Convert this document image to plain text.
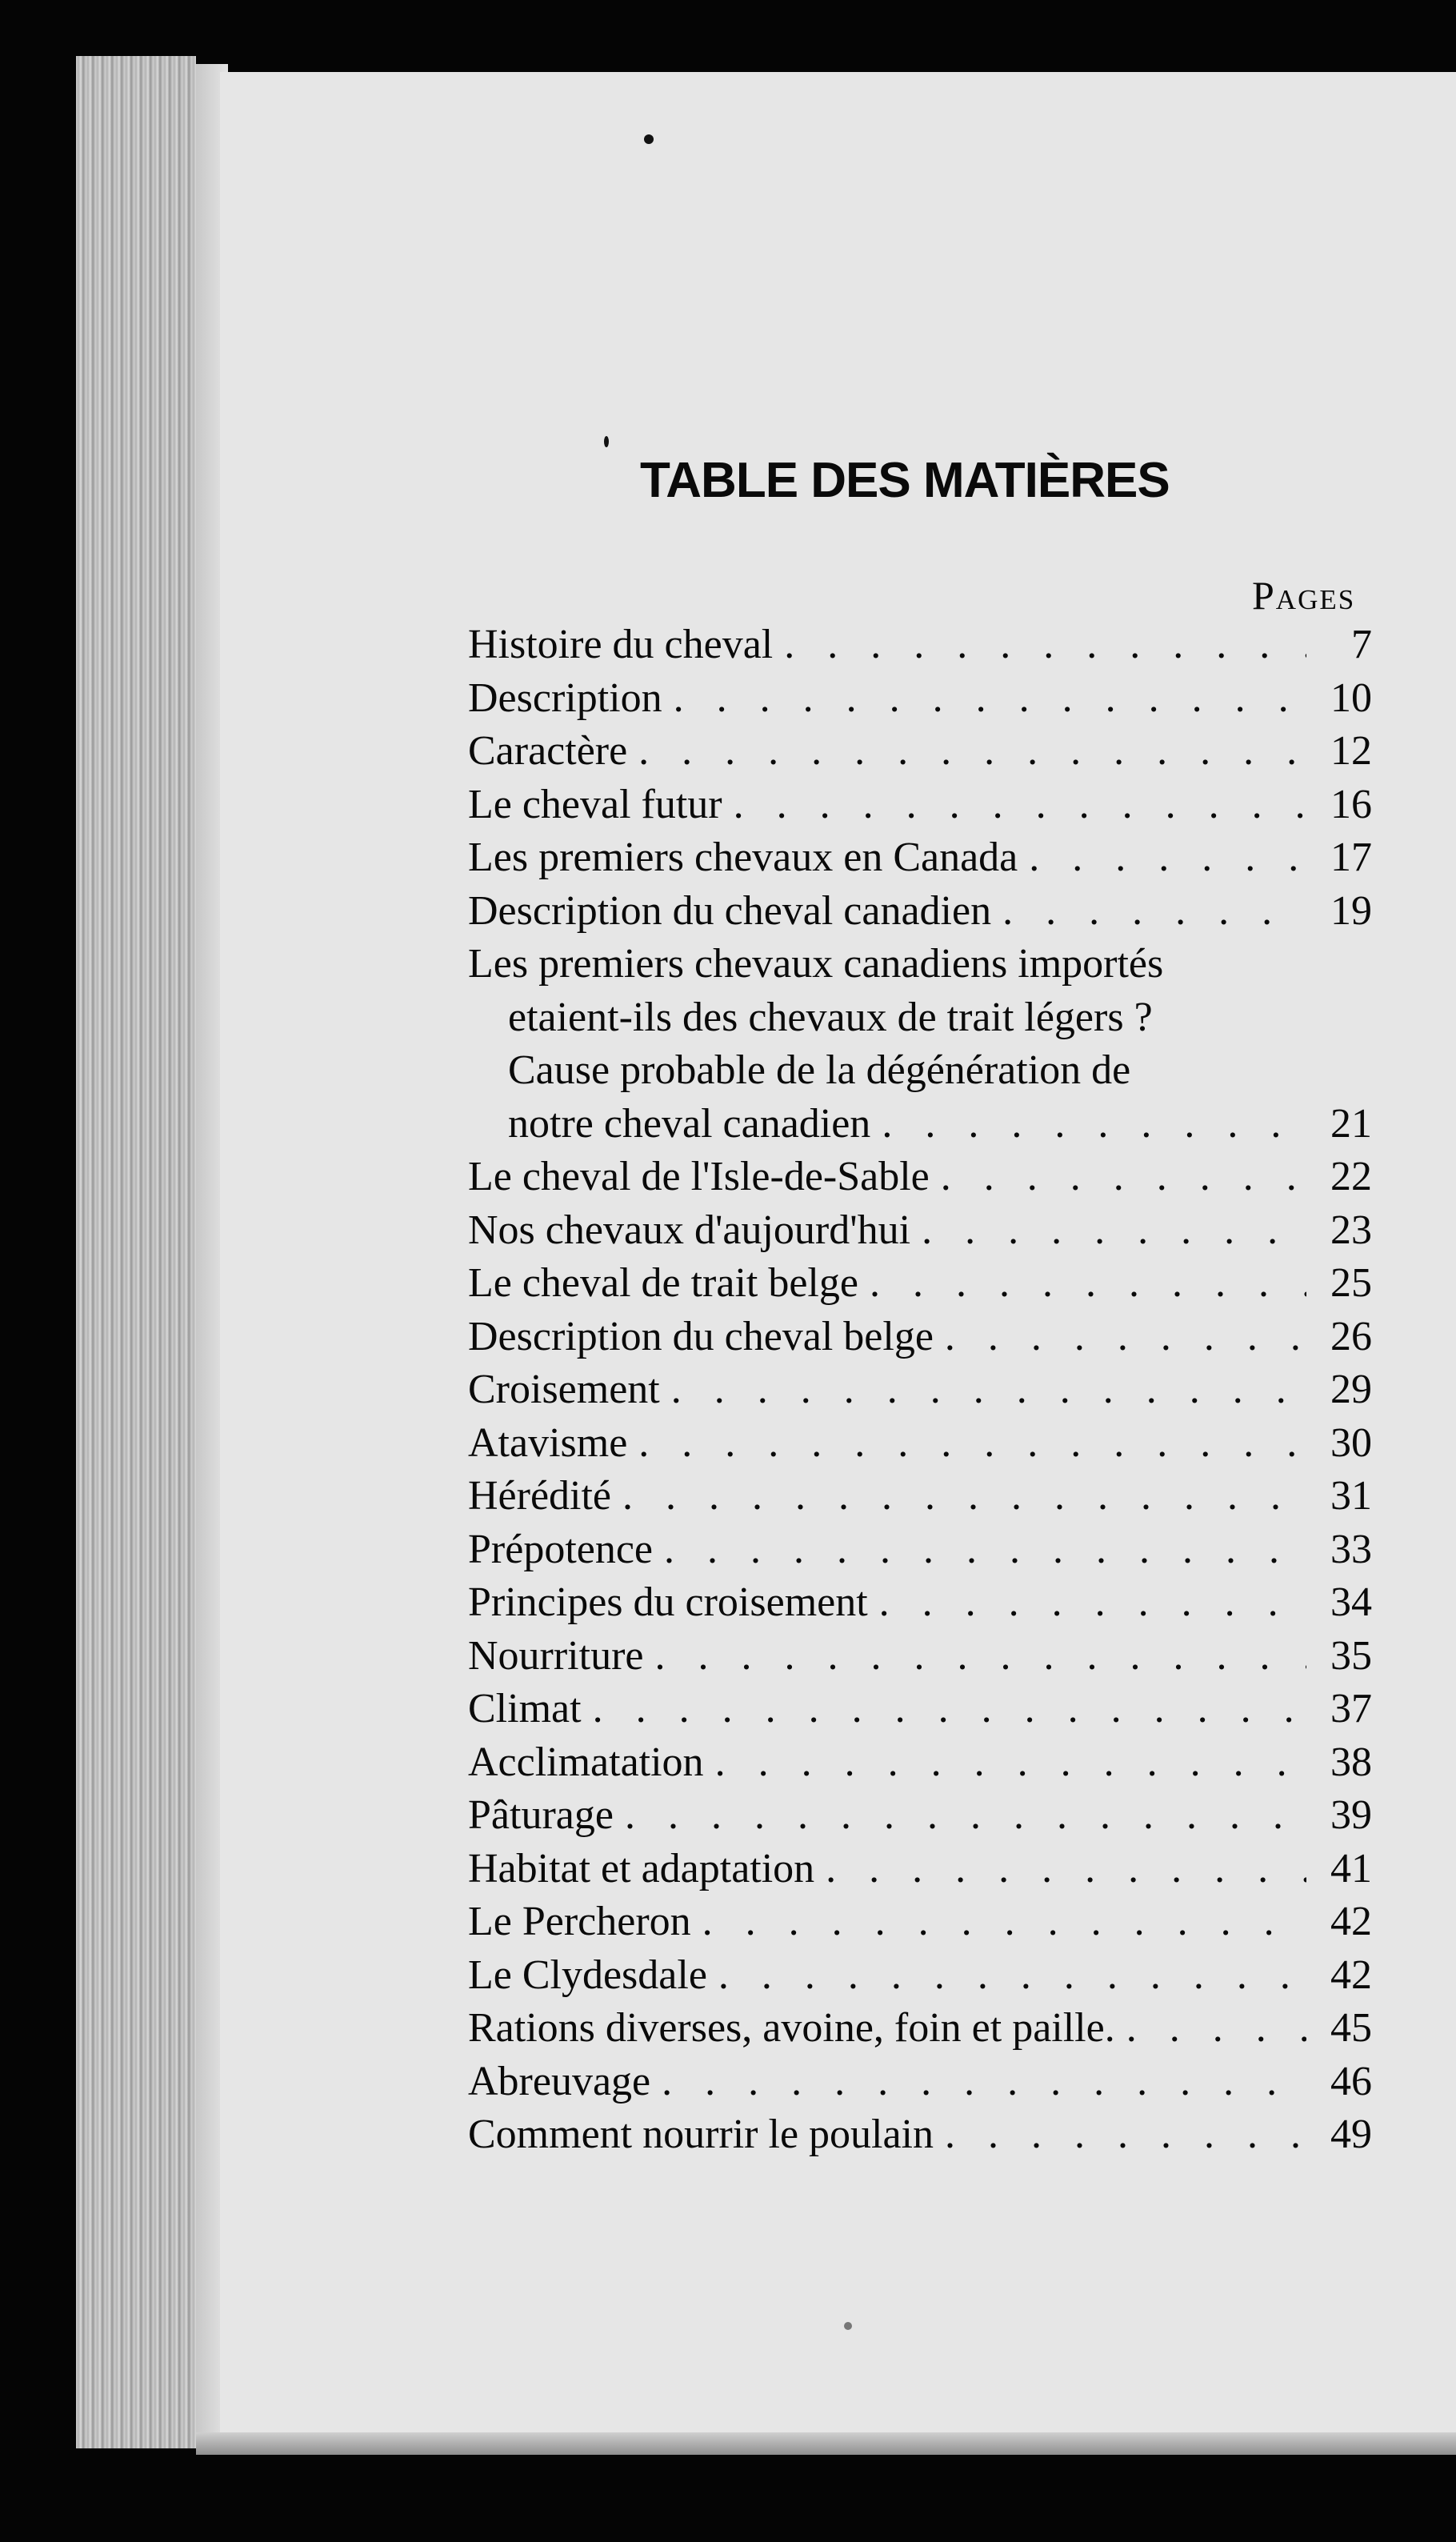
TABLE DES MATIÈRES
Pages
Histoire du cheval . . .	7
Description . . .	10
Caractère . . .	12
Le cheval futur . . .	16
Les premiers chevaux en Canada . . .	17
Description du cheval canadien . . .	19
Les premiers chevaux canadiens importés
etaient-ils des chevaux de trait légers ?
Cause probable de la dégénération de
notre cheval canadien . . .	21
Le cheval de l'Isle-de-Sable . . .	22
Nos chevaux d'aujourd'hui . . .	23
Le cheval de trait belge . . .	25
Description du cheval belge . . .	26
Croisement . . .	29
Atavisme . . .	30
Hérédité . . .	31
Prépotence . . .	33
Principes du croisement . . .	34
Nourriture . . .	35
Climat . . .	37
Acclimatation . . .	38
Pâturage . . .	39
Habitat et adaptation . . .	41
Le Percheron . . .	42
Le Clydesdale . . .	42
Rations diverses, avoine, foin et paille. . . .	45
Abreuvage . . .	46
Comment nourrir le poulain . . .	49
